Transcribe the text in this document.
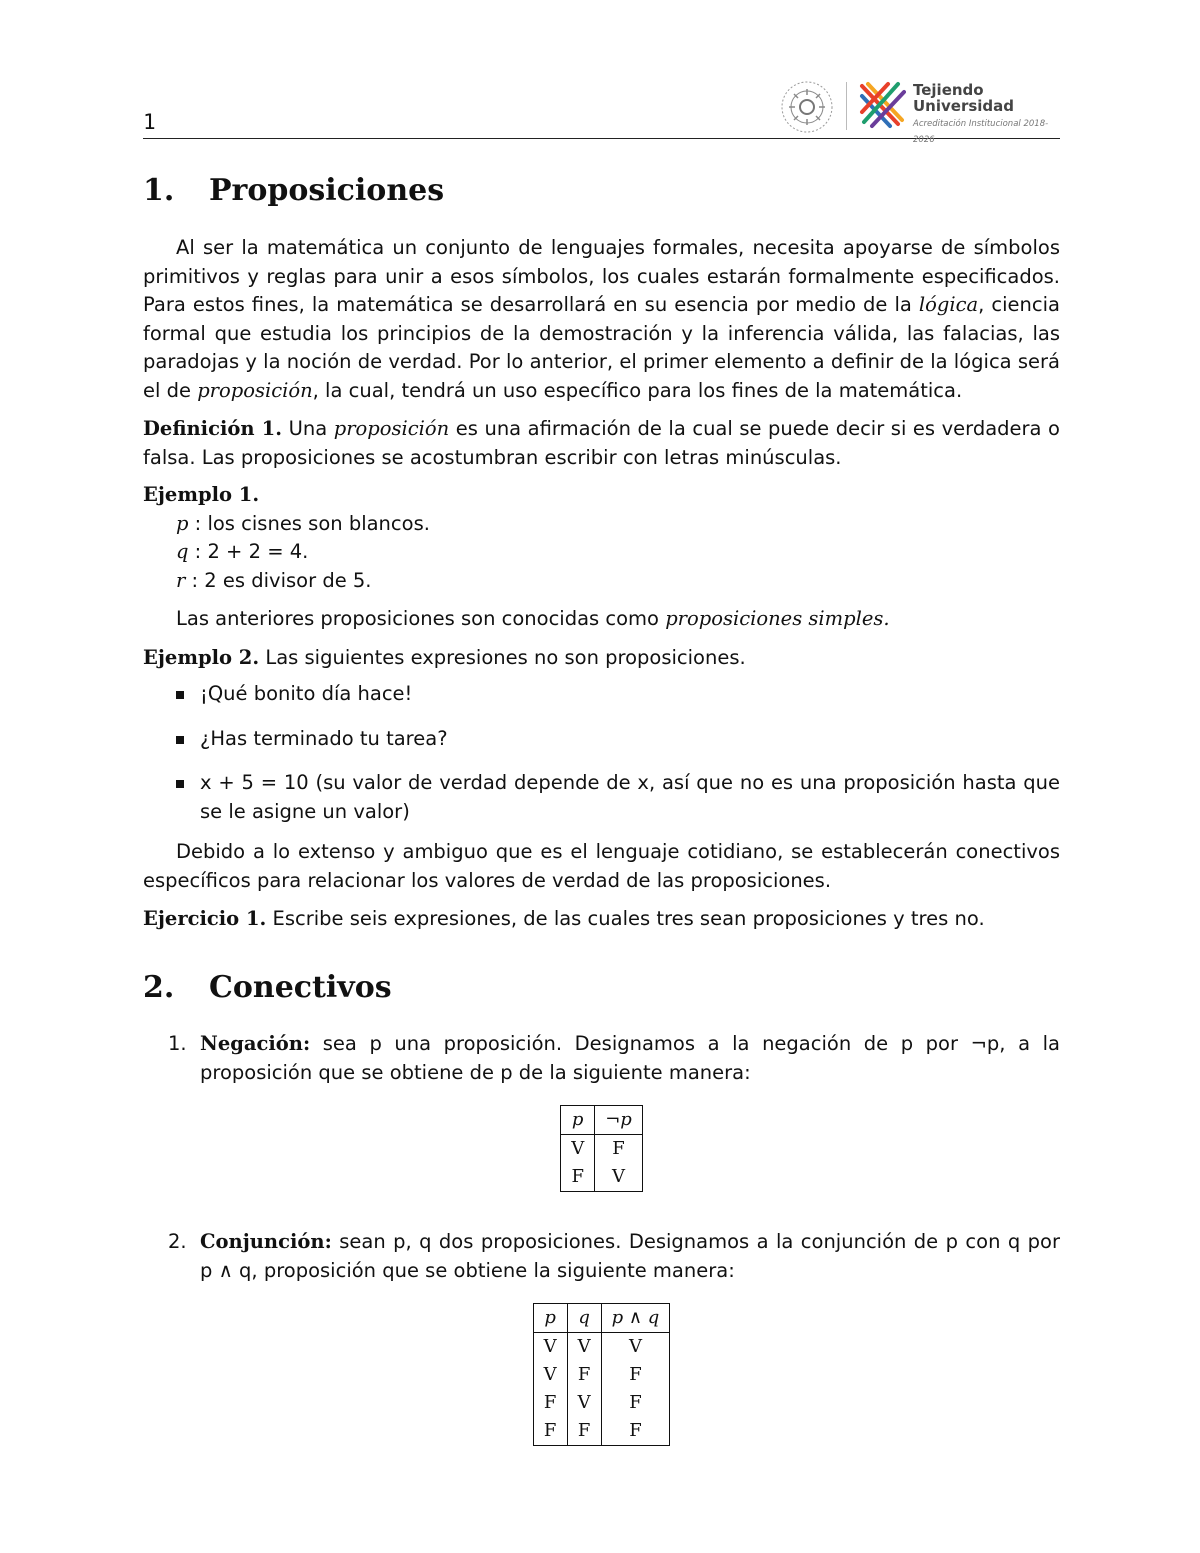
1
Tejiendo
Universidad
Acreditación Institucional 2018-2026
1. Proposiciones

Al ser la matemática un conjunto de lenguajes formales, necesita apoyarse de símbolos primitivos y reglas para unir a esos símbolos, los cuales estarán formalmente especificados. Para estos fines, la matemática se desarrollará en su esencia por medio de la lógica, ciencia formal que estudia los principios de la demostración y la inferencia válida, las falacias, las paradojas y la noción de verdad. Por lo anterior, el primer elemento a definir de la lógica será el de proposición, la cual, tendrá un uso específico para los fines de la matemática.

Definición 1. Una proposición es una afirmación de la cual se puede decir si es verdadera o falsa. Las proposiciones se acostumbran escribir con letras minúsculas.

Ejemplo 1.

p : los cisnes son blancos.
q : 2 + 2 = 4.
r : 2 es divisor de 5.

Las anteriores proposiciones son conocidas como proposiciones simples.

Ejemplo 2. Las siguientes expresiones no son proposiciones.

¡Qué bonito día hace!
¿Has terminado tu tarea?
x + 5 = 10 (su valor de verdad depende de x, así que no es una proposición hasta que se le asigne un valor)

Debido a lo extenso y ambiguo que es el lenguaje cotidiano, se establecerán conectivos específicos para relacionar los valores de verdad de las proposiciones.

Ejercicio 1. Escribe seis expresiones, de las cuales tres sean proposiciones y tres no.

2. Conectivos
1. Negación: sea p una proposición. Designamos a la negación de p por ¬p, a la proposición que se obtiene de p de la siguiente manera:
p	¬p
V	F
F	V
2. Conjunción: sean p, q dos proposiciones. Designamos a la conjunción de p con q por p ∧ q, proposición que se obtiene la siguiente manera:
p	q	p ∧ q
V	V	V
V	F	F
F	V	F
F	F	F
